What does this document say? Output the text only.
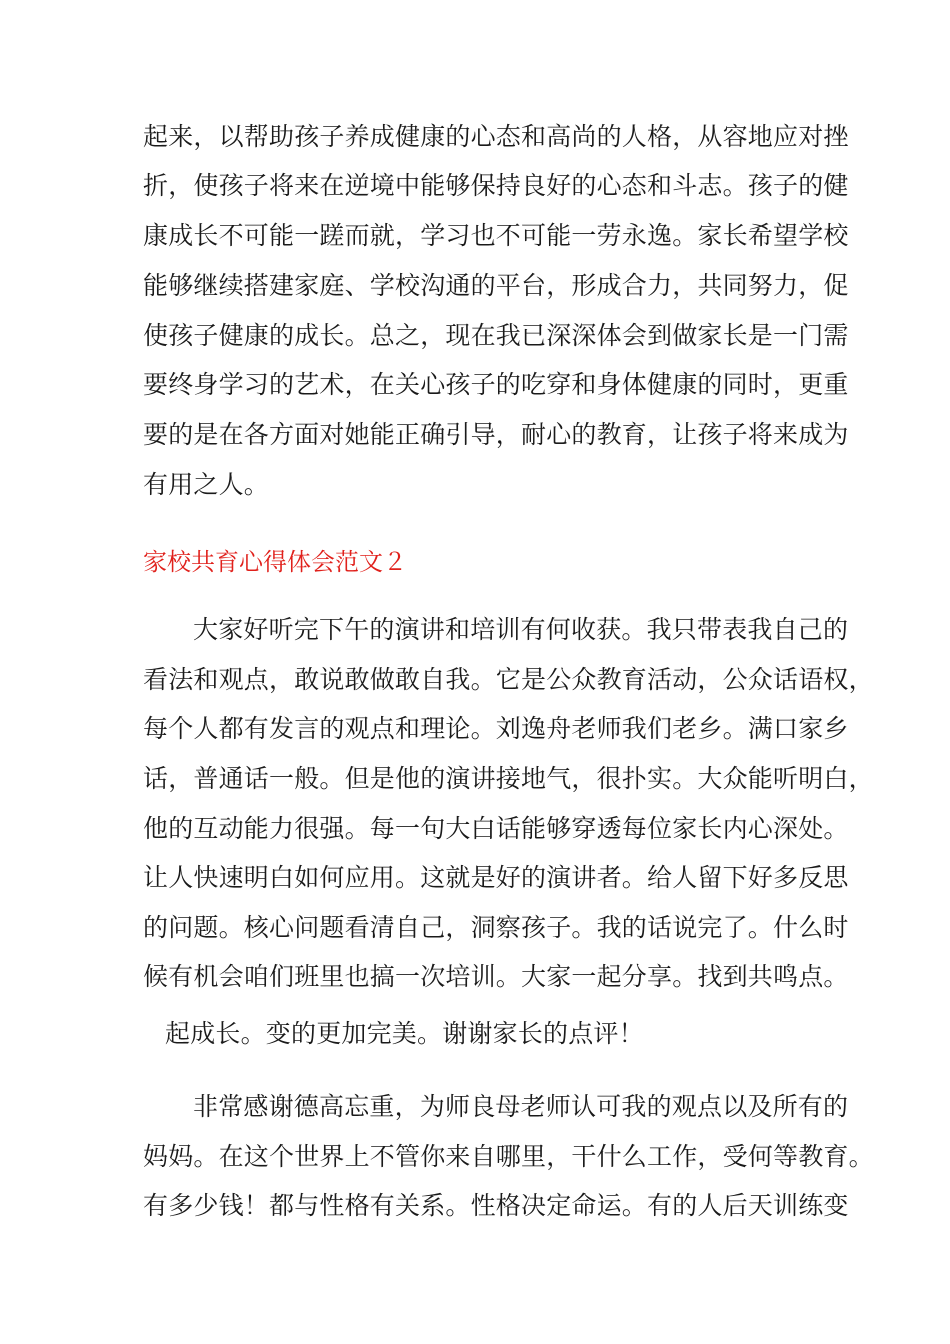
起来，以帮助孩子养成健康的心态和高尚的人格，从容地应对挫
折，使孩子将来在逆境中能够保持良好的心态和斗志。孩子的健
康成长不可能一蹉而就，学习也不可能一劳永逸。家长希望学校
能够继续搭建家庭、学校沟通的平台，形成合力，共同努力，促
使孩子健康的成长。总之，现在我已深深体会到做家长是一门需
要终身学习的艺术，在关心孩子的吃穿和身体健康的同时，更重
要的是在各方面对她能正确引导，耐心的教育，让孩子将来成为
有用之人。
家校共育心得体会范文２
大家好听完下午的演讲和培训有何收获。我只带表我自己的
看法和观点，敢说敢做敢自我。它是公众教育活动，公众话语权，
每个人都有发言的观点和理论。刘逸舟老师我们老乡。满口家乡
话，普通话一般。但是他的演讲接地气，很扑实。大众能听明白，
他的互动能力很强。每一句大白话能够穿透每位家长内心深处。
让人快速明白如何应用。这就是好的演讲者。给人留下好多反思
的问题。核心问题看清自己，洞察孩子。我的话说完了。什么时
候有机会咱们班里也搞一次培训。大家一起分享。找到共鸣点。
起成长。变的更加完美。谢谢家长的点评！
非常感谢德高忘重，为师良母老师认可我的观点以及所有的
妈妈。在这个世界上不管你来自哪里，干什么工作，受何等教育。
有多少钱！都与性格有关系。性格决定命运。有的人后天训练变
